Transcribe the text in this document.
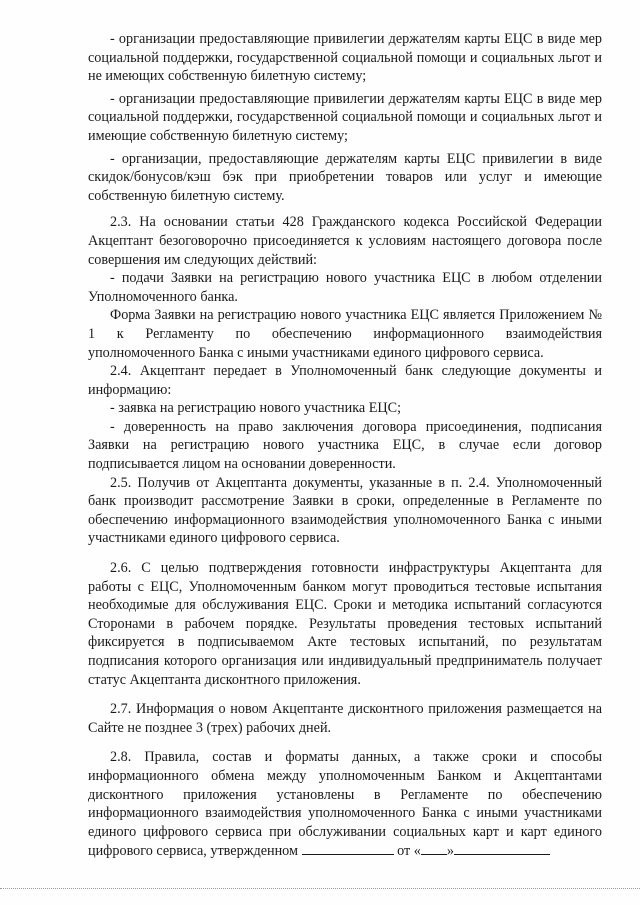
- организации предоставляющие привилегии держателям карты ЕЦС в виде мер социальной поддержки, государственной социальной помощи и социальных льгот и не имеющих собственную билетную систему;

- организации предоставляющие привилегии держателям карты ЕЦС в виде мер социальной поддержки, государственной социальной помощи и социальных льгот и имеющие собственную билетную систему;

- организации, предоставляющие держателям карты ЕЦС привилегии в виде скидок/бонусов/кэш бэк при приобретении товаров или услуг и имеющие собственную билетную систему.

2.3. На основании статьи 428 Гражданского кодекса Российской Федерации Акцептант безоговорочно присоединяется к условиям настоящего договора после совершения им следующих действий:

- подачи Заявки на регистрацию нового участника ЕЦС в любом отделении Уполномоченного банка.

Форма Заявки на регистрацию нового участника ЕЦС является Приложением № 1 к Регламенту по обеспечению информационного взаимодействия уполномоченного Банка с иными участниками единого цифрового сервиса.

2.4. Акцептант передает в Уполномоченный банк следующие документы и информацию:

- заявка на регистрацию нового участника ЕЦС;

- доверенность на право заключения договора присоединения, подписания Заявки на регистрацию нового участника ЕЦС, в случае если договор подписывается лицом на основании доверенности.

2.5. Получив от Акцептанта документы, указанные в п. 2.4. Уполномоченный банк производит рассмотрение Заявки в сроки, определенные в Регламенте по обеспечению информационного взаимодействия уполномоченного Банка с иными участниками единого цифрового сервиса.

2.6. С целью подтверждения готовности инфраструктуры Акцептанта для работы с ЕЦС, Уполномоченным банком могут проводиться тестовые испытания необходимые для обслуживания ЕЦС. Сроки и методика испытаний согласуются Сторонами в рабочем порядке. Результаты проведения тестовых испытаний фиксируется в подписываемом Акте тестовых испытаний, по результатам подписания которого организация или индивидуальный предприниматель получает статус Акцептанта дисконтного приложения.

2.7. Информация о новом Акцептанте дисконтного приложения размещается на Сайте не позднее 3 (трех) рабочих дней.

2.8. Правила, состав и форматы данных, а также сроки и способы информационного обмена между уполномоченным Банком и Акцептантами дисконтного приложения установлены в Регламенте по обеспечению информационного взаимодействия уполномоченного Банка с иными участниками единого цифрового сервиса при обслуживании социальных карт и карт единого цифрового сервиса, утвержденном	от « »
